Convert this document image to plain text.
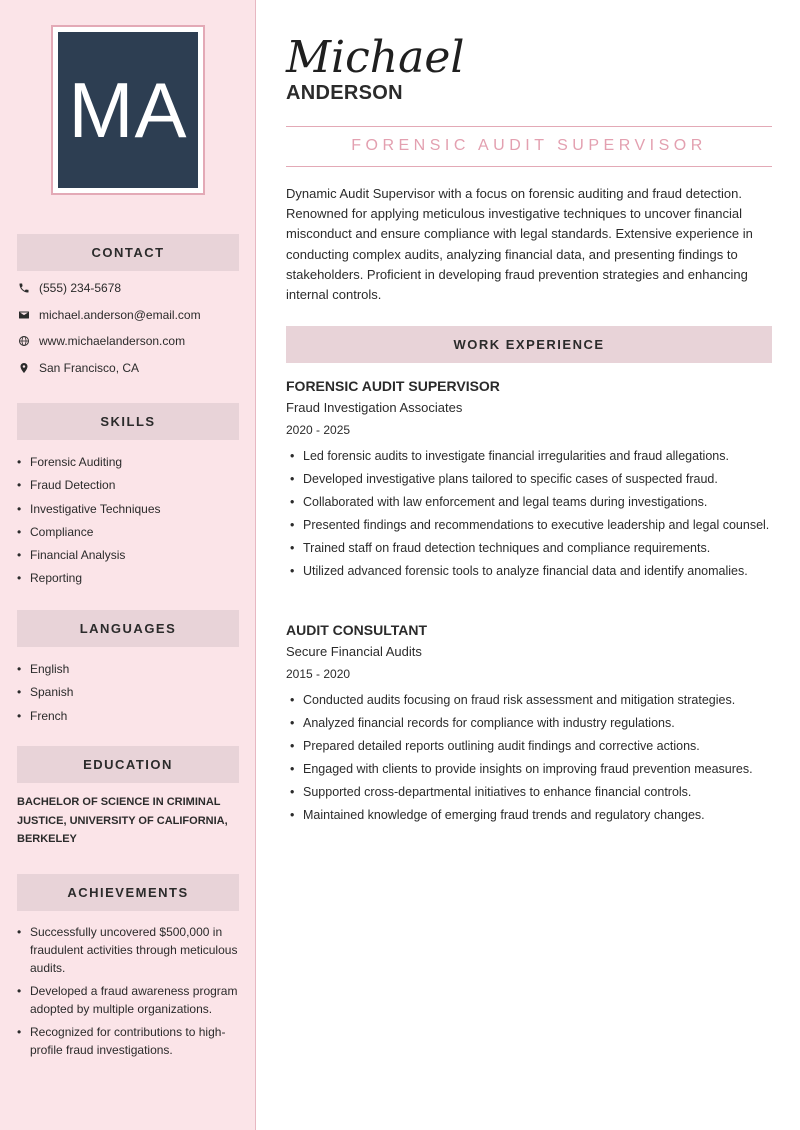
MA
CONTACT
(555) 234-5678
michael.anderson@email.com
www.michaelanderson.com
San Francisco, CA
SKILLS
• Forensic Auditing
• Fraud Detection
• Investigative Techniques
• Compliance
• Financial Analysis
• Reporting
LANGUAGES
• English
• Spanish
• French
EDUCATION
BACHELOR OF SCIENCE IN CRIMINAL JUSTICE, UNIVERSITY OF CALIFORNIA, BERKELEY
ACHIEVEMENTS
• Successfully uncovered $500,000 in fraudulent activities through meticulous audits.
• Developed a fraud awareness program adopted by multiple organizations.
• Recognized for contributions to high-profile fraud investigations.
Michael
ANDERSON
FORENSIC AUDIT SUPERVISOR

Dynamic Audit Supervisor with a focus on forensic auditing and fraud detection. Renowned for applying meticulous investigative techniques to uncover financial misconduct and ensure compliance with legal standards. Extensive experience in conducting complex audits, analyzing financial data, and presenting findings to stakeholders. Proficient in developing fraud prevention strategies and enhancing internal controls.

WORK EXPERIENCE
FORENSIC AUDIT SUPERVISOR
Fraud Investigation Associates
2020 - 2025
• Led forensic audits to investigate financial irregularities and fraud allegations.
• Developed investigative plans tailored to specific cases of suspected fraud.
• Collaborated with law enforcement and legal teams during investigations.
• Presented findings and recommendations to executive leadership and legal counsel.
• Trained staff on fraud detection techniques and compliance requirements.
• Utilized advanced forensic tools to analyze financial data and identify anomalies.
AUDIT CONSULTANT
Secure Financial Audits
2015 - 2020
• Conducted audits focusing on fraud risk assessment and mitigation strategies.
• Analyzed financial records for compliance with industry regulations.
• Prepared detailed reports outlining audit findings and corrective actions.
• Engaged with clients to provide insights on improving fraud prevention measures.
• Supported cross-departmental initiatives to enhance financial controls.
• Maintained knowledge of emerging fraud trends and regulatory changes.
